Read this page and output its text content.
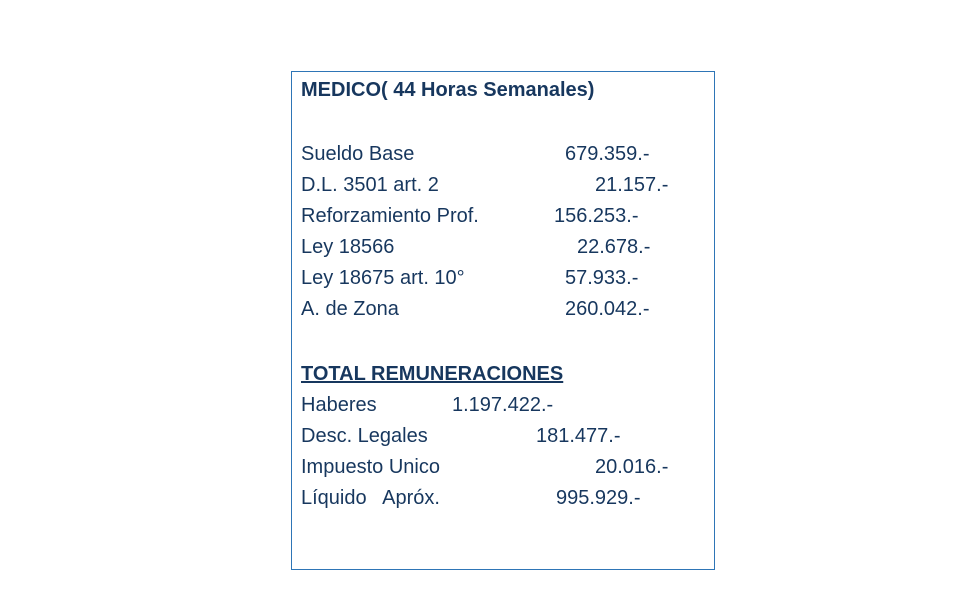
MEDICO( 44 Horas Semanales)
Sueldo Base	679.359.-
D.L. 3501 art. 2	21.157.-
Reforzamiento Prof.	156.253.-
Ley 18566	22.678.-
Ley 18675 art. 10°	57.933.-
A. de Zona	260.042.-
TOTAL REMUNERACIONES
Haberes	1.197.422.-
Desc. Legales	181.477.-
Impuesto Unico	20.016.-
Líquido   Apróx.	995.929.-
